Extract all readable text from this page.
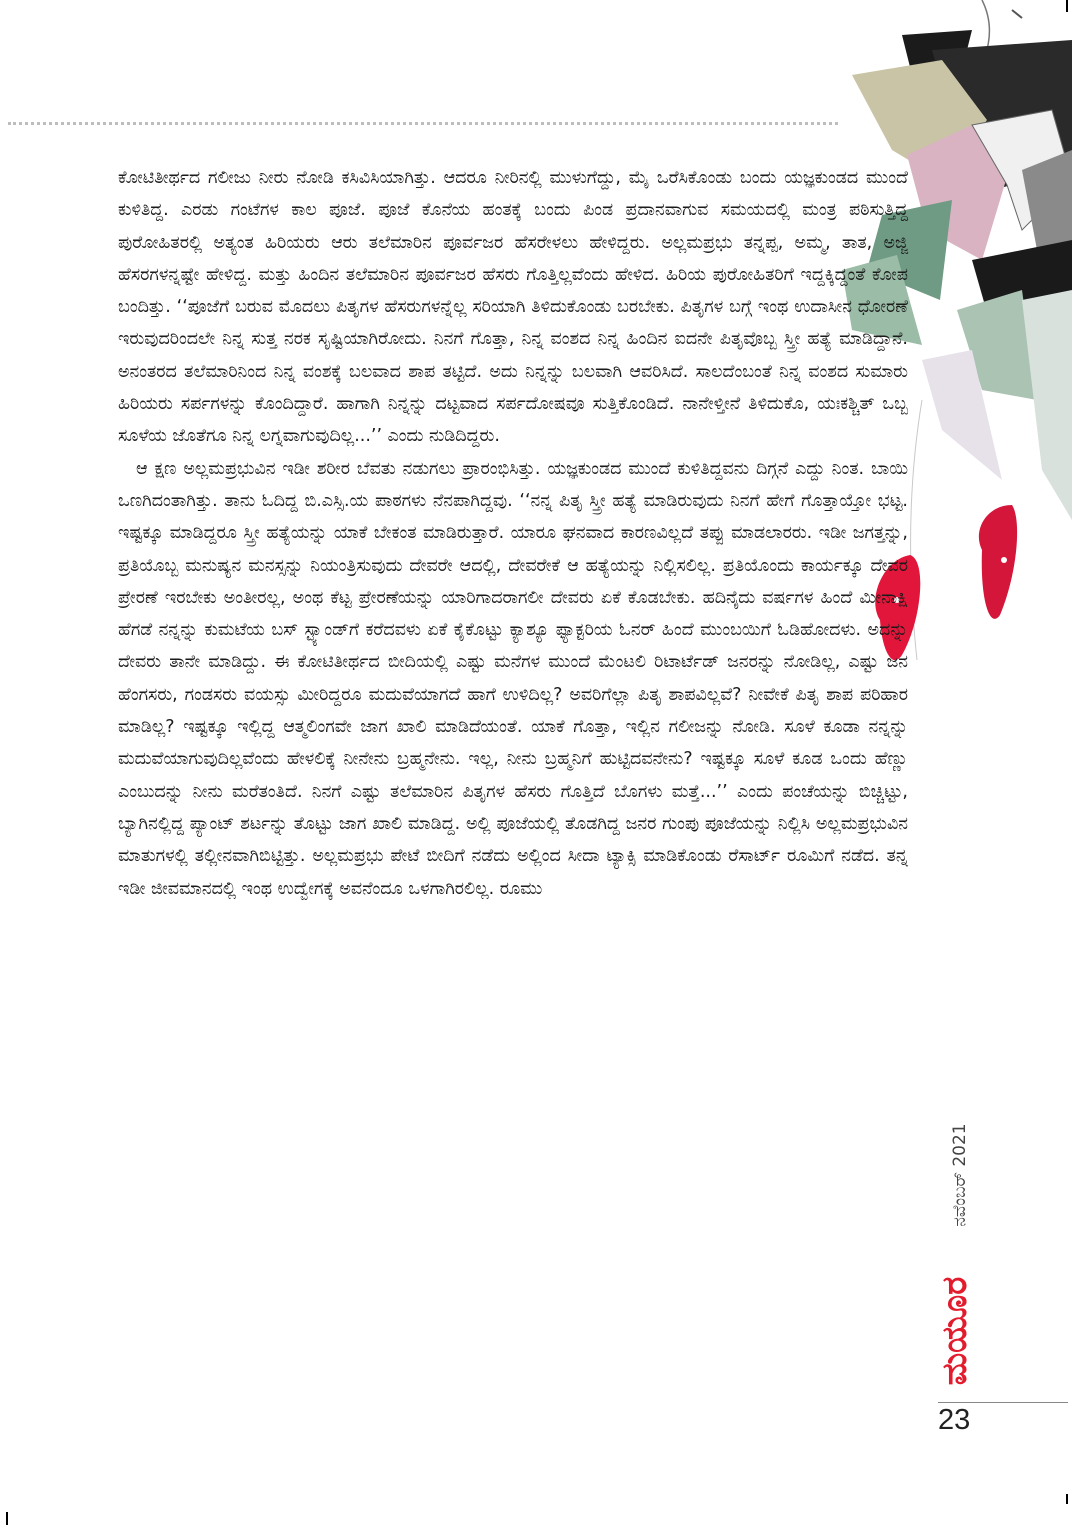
ಕೋಟಿತೀರ್ಥದ ಗಲೀಜು ನೀರು ನೋಡಿ ಕಸಿವಿಸಿಯಾಗಿತ್ತು. ಆದರೂ ನೀರಿನಲ್ಲಿ ಮುಳುಗೆದ್ದು, ಮೈ ಒರೆಸಿಕೊಂಡು ಬಂದು ಯಜ್ಞಕುಂಡದ ಮುಂದೆ ಕುಳಿತಿದ್ದ. ಎರಡು ಗಂಟೆಗಳ ಕಾಲ ಪೂಜೆ. ಪೂಜೆ ಕೊನೆಯ ಹಂತಕ್ಕೆ ಬಂದು ಪಿಂಡ ಪ್ರದಾನವಾಗುವ ಸಮಯದಲ್ಲಿ ಮಂತ್ರ ಪಠಿಸುತ್ತಿದ್ದ ಪುರೋಹಿತರಲ್ಲಿ ಅತ್ಯಂತ ಹಿರಿಯರು ಆರು ತಲೆಮಾರಿನ ಪೂರ್ವಜರ ಹೆಸರೇಳಲು ಹೇಳಿದ್ದರು. ಅಲ್ಲಮಪ್ರಭು ತನ್ನಪ್ಪ, ಅಮ್ಮ, ತಾತ, ಅಜ್ಜಿ ಹೆಸರಗಳನ್ನಷ್ಟೇ ಹೇಳಿದ್ದ. ಮತ್ತು ಹಿಂದಿನ ತಲೆಮಾರಿನ ಪೂರ್ವಜರ ಹೆಸರು ಗೊತ್ತಿಲ್ಲವೆಂದು ಹೇಳಿದ. ಹಿರಿಯ ಪುರೋಹಿತರಿಗೆ ಇದ್ದಕ್ಕಿದ್ದಂತೆ ಕೋಪ ಬಂದಿತ್ತು. ‘‘ಪೂಜೆಗೆ ಬರುವ ಮೊದಲು ಪಿತೃಗಳ ಹೆಸರುಗಳನ್ನೆಲ್ಲ ಸರಿಯಾಗಿ ತಿಳಿದುಕೊಂಡು ಬರಬೇಕು. ಪಿತೃಗಳ ಬಗ್ಗೆ ಇಂಥ ಉದಾಸೀನ ಧೋರಣೆ ಇರುವುದರಿಂದಲೇ ನಿನ್ನ ಸುತ್ತ ನರಕ ಸೃಷ್ಟಿಯಾಗಿರೋದು. ನಿನಗೆ ಗೊತ್ತಾ, ನಿನ್ನ ವಂಶದ ನಿನ್ನ ಹಿಂದಿನ ಐದನೇ ಪಿತೃವೊಬ್ಬ ಸ್ತ್ರೀ ಹತ್ಯೆ ಮಾಡಿದ್ದಾನೆ. ಅನಂತರದ ತಲೆಮಾರಿನಿಂದ ನಿನ್ನ ವಂಶಕ್ಕೆ ಬಲವಾದ ಶಾಪ ತಟ್ಟಿದೆ. ಅದು ನಿನ್ನನ್ನು ಬಲವಾಗಿ ಆವರಿಸಿದೆ. ಸಾಲದೆಂಬಂತೆ ನಿನ್ನ ವಂಶದ ಸುಮಾರು ಹಿರಿಯರು ಸರ್ಪಗಳನ್ನು ಕೊಂದಿದ್ದಾರೆ. ಹಾಗಾಗಿ ನಿನ್ನನ್ನು ದಟ್ಟವಾದ ಸರ್ಪದೋಷವೂ ಸುತ್ತಿಕೊಂಡಿದೆ. ನಾನೇಳ್ತೀನೆ ತಿಳಿದುಕೊ, ಯಃಕಶ್ಚಿತ್ ಒಬ್ಬ ಸೂಳೆಯ ಜೊತೆಗೂ ನಿನ್ನ ಲಗ್ನವಾಗುವುದಿಲ್ಲ...’’ ಎಂದು ನುಡಿದಿದ್ದರು.

ಆ ಕ್ಷಣ ಅಲ್ಲಮಪ್ರಭುವಿನ ಇಡೀ ಶರೀರ ಬೆವತು ನಡುಗಲು ಪ್ರಾರಂಭಿಸಿತ್ತು. ಯಜ್ಞಕುಂಡದ ಮುಂದೆ ಕುಳಿತಿದ್ದವನು ದಿಗ್ಗನೆ ಎದ್ದು ನಿಂತ. ಬಾಯಿ ಒಣಗಿದಂತಾಗಿತ್ತು. ತಾನು ಓದಿದ್ದ ಬಿ.ಎಸ್ಸಿ.ಯ ಪಾಠಗಳು ನೆನಪಾಗಿದ್ದವು. ‘‘ನನ್ನ ಪಿತೃ ಸ್ತ್ರೀ ಹತ್ಯೆ ಮಾಡಿರುವುದು ನಿನಗೆ ಹೇಗೆ ಗೊತ್ತಾಯ್ತೋ ಭಟ್ಟ. ಇಷ್ಟಕ್ಕೂ ಮಾಡಿದ್ದರೂ ಸ್ತ್ರೀ ಹತ್ಯೆಯನ್ನು ಯಾಕೆ ಬೇಕಂತ ಮಾಡಿರುತ್ತಾರೆ. ಯಾರೂ ಘನವಾದ ಕಾರಣವಿಲ್ಲದೆ ತಪ್ಪು ಮಾಡಲಾರರು. ಇಡೀ ಜಗತ್ತನ್ನು, ಪ್ರತಿಯೊಬ್ಬ ಮನುಷ್ಯನ ಮನಸ್ಸನ್ನು ನಿಯಂತ್ರಿಸುವುದು ದೇವರೇ ಆದಲ್ಲಿ, ದೇವರೇಕೆ ಆ ಹತ್ಯೆಯನ್ನು ನಿಲ್ಲಿಸಲಿಲ್ಲ. ಪ್ರತಿಯೊಂದು ಕಾರ್ಯಕ್ಕೂ ದೇವರ ಪ್ರೇರಣೆ ಇರಬೇಕು ಅಂತೀರಲ್ಲ, ಅಂಥ ಕೆಟ್ಟ ಪ್ರೇರಣೆಯನ್ನು ಯಾರಿಗಾದರಾಗಲೀ ದೇವರು ಏಕೆ ಕೊಡಬೇಕು. ಹದಿನೈದು ವರ್ಷಗಳ ಹಿಂದೆ ಮೀನಾಕ್ಷಿ ಹೆಗಡೆ ನನ್ನನ್ನು ಕುಮಟೆಯ ಬಸ್ ಸ್ಟ್ಯಾಂಡ್‌ಗೆ ಕರೆದವಳು ಏಕೆ ಕೈಕೊಟ್ಟು ಕ್ಯಾಶ್ಯೂ ಫ್ಯಾಕ್ಟರಿಯ ಓನರ್ ಹಿಂದೆ ಮುಂಬಯಿಗೆ ಓಡಿಹೋದಳು. ಅದನ್ನು ದೇವರು ತಾನೇ ಮಾಡಿದ್ದು. ಈ ಕೋಟಿತೀರ್ಥದ ಬೀದಿಯಲ್ಲಿ ಎಷ್ಟು ಮನೆಗಳ ಮುಂದೆ ಮೆಂಟಲಿ ರಿಟಾರ್ಟೆಡ್ ಜನರನ್ನು ನೋಡಿಲ್ಲ, ಎಷ್ಟು ಜನ ಹೆಂಗಸರು, ಗಂಡಸರು ವಯಸ್ಸು ಮೀರಿದ್ದರೂ ಮದುವೆಯಾಗದೆ ಹಾಗೆ ಉಳಿದಿಲ್ಲ? ಅವರಿಗೆಲ್ಲಾ ಪಿತೃ ಶಾಪವಿಲ್ಲವೆ? ನೀವೇಕೆ ಪಿತೃ ಶಾಪ ಪರಿಹಾರ ಮಾಡಿಲ್ಲ? ಇಷ್ಟಕ್ಕೂ ಇಲ್ಲಿದ್ದ ಆತ್ಮಲಿಂಗವೇ ಜಾಗ ಖಾಲಿ ಮಾಡಿದೆಯಂತೆ. ಯಾಕೆ ಗೊತ್ತಾ, ಇಲ್ಲಿನ ಗಲೀಜನ್ನು ನೋಡಿ. ಸೂಳೆ ಕೂಡಾ ನನ್ನನ್ನು ಮದುವೆಯಾಗುವುದಿಲ್ಲವೆಂದು ಹೇಳಲಿಕ್ಕೆ ನೀನೇನು ಬ್ರಹ್ಮನೇನು. ಇಲ್ಲ, ನೀನು ಬ್ರಹ್ಮನಿಗೆ ಹುಟ್ಟಿದವನೇನು? ಇಷ್ಟಕ್ಕೂ ಸೂಳೆ ಕೂಡ ಒಂದು ಹೆಣ್ಣು ಎಂಬುದನ್ನು ನೀನು ಮರೆತಂತಿದೆ. ನಿನಗೆ ಎಷ್ಟು ತಲೆಮಾರಿನ ಪಿತೃಗಳ ಹೆಸರು ಗೊತ್ತಿದೆ ಬೊಗಳು ಮತ್ತೆ...’’ ಎಂದು ಪಂಚೆಯನ್ನು ಬಿಚ್ಚಿಟ್ಟು, ಬ್ಯಾಗಿನಲ್ಲಿದ್ದ ಪ್ಯಾಂಟ್ ಶರ್ಟನ್ನು ತೊಟ್ಟು ಜಾಗ ಖಾಲಿ ಮಾಡಿದ್ದ. ಅಲ್ಲಿ ಪೂಜೆಯಲ್ಲಿ ತೊಡಗಿದ್ದ ಜನರ ಗುಂಪು ಪೂಜೆಯನ್ನು ನಿಲ್ಲಿಸಿ ಅಲ್ಲಮಪ್ರಭುವಿನ ಮಾತುಗಳಲ್ಲಿ ತಲ್ಲೀನವಾಗಿಬಿಟ್ಟಿತ್ತು. ಅಲ್ಲಮಪ್ರಭು ಪೇಟೆ ಬೀದಿಗೆ ನಡೆದು ಅಲ್ಲಿಂದ ಸೀದಾ ಟ್ಯಾಕ್ಸಿ ಮಾಡಿಕೊಂಡು ರೆಸಾರ್ಟ್ ರೂಮಿಗೆ ನಡೆದ. ತನ್ನ ಇಡೀ ಜೀವಮಾನದಲ್ಲಿ ಇಂಥ ಉದ್ವೇಗಕ್ಕೆ ಅವನೆಂದೂ ಒಳಗಾಗಿರಲಿಲ್ಲ. ರೂಮು

ನವೆಂಬರ್ 2021
ಮಯೂರ
23
